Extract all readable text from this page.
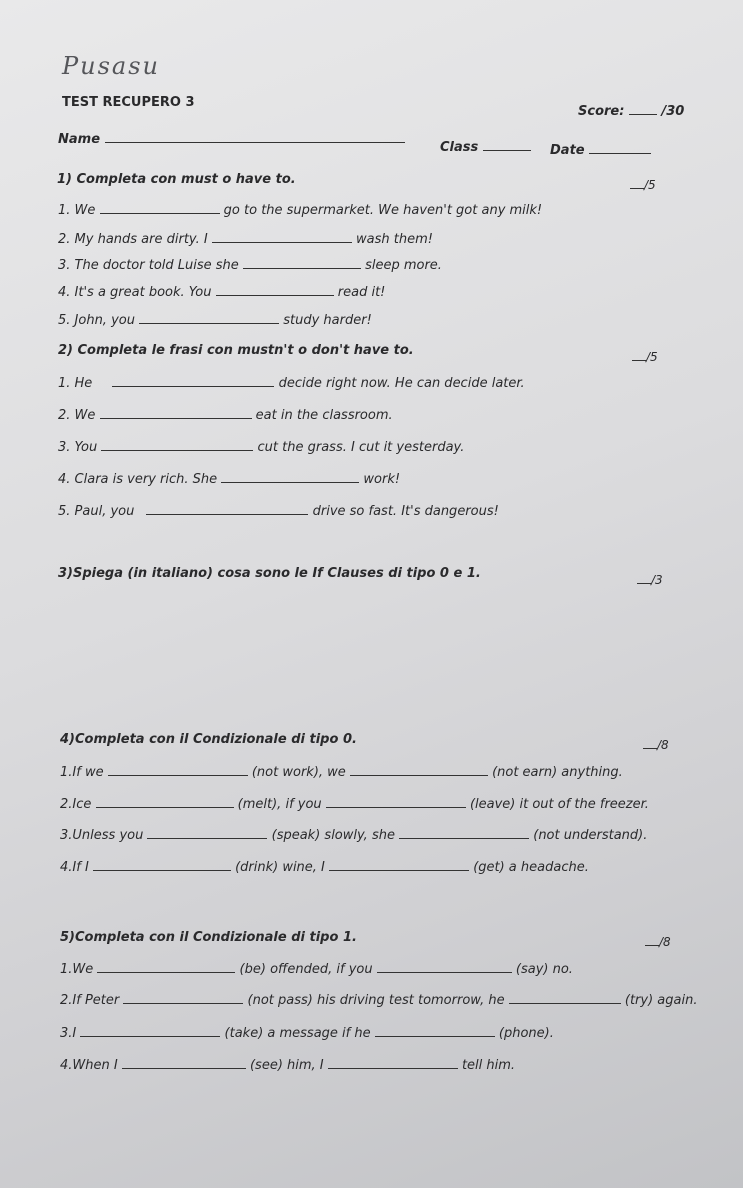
Pusasu
TEST RECUPERO 3
Score:	/30
Name
Class	Date
1) Completa con must o have to.	/5
1. We	go to the supermarket. We haven't got any milk!
2. My hands are dirty. I	wash them!
3. The doctor told Luise she	sleep more.
4. It's a great book. You	read it!
5. John, you	study harder!
2) Completa le frasi con mustn't o don't have to.	/5
1. He	decide right now. He can decide later.
2. We	eat in the classroom.
3. You	cut the grass. I cut it yesterday.
4. Clara is very rich. She	work!
5. Paul, you	drive so fast. It's dangerous!
3)Spiega (in italiano) cosa sono le If Clauses di tipo 0 e 1.	/3
4)Completa con il Condizionale di tipo 0.	/8
1.If we	(not work), we	(not earn) anything.
2.Ice	(melt), if you	(leave) it out of the freezer.
3.Unless you	(speak) slowly, she	(not understand).
4.If I	(drink) wine, I	(get) a headache.
5)Completa con il Condizionale di tipo 1.	/8
1.We	(be) offended, if you	(say) no.
2.If Peter	(not pass) his driving test tomorrow, he	(try) again.
3.I	(take) a message if he	(phone).
4.When I	(see) him, I	tell him.
